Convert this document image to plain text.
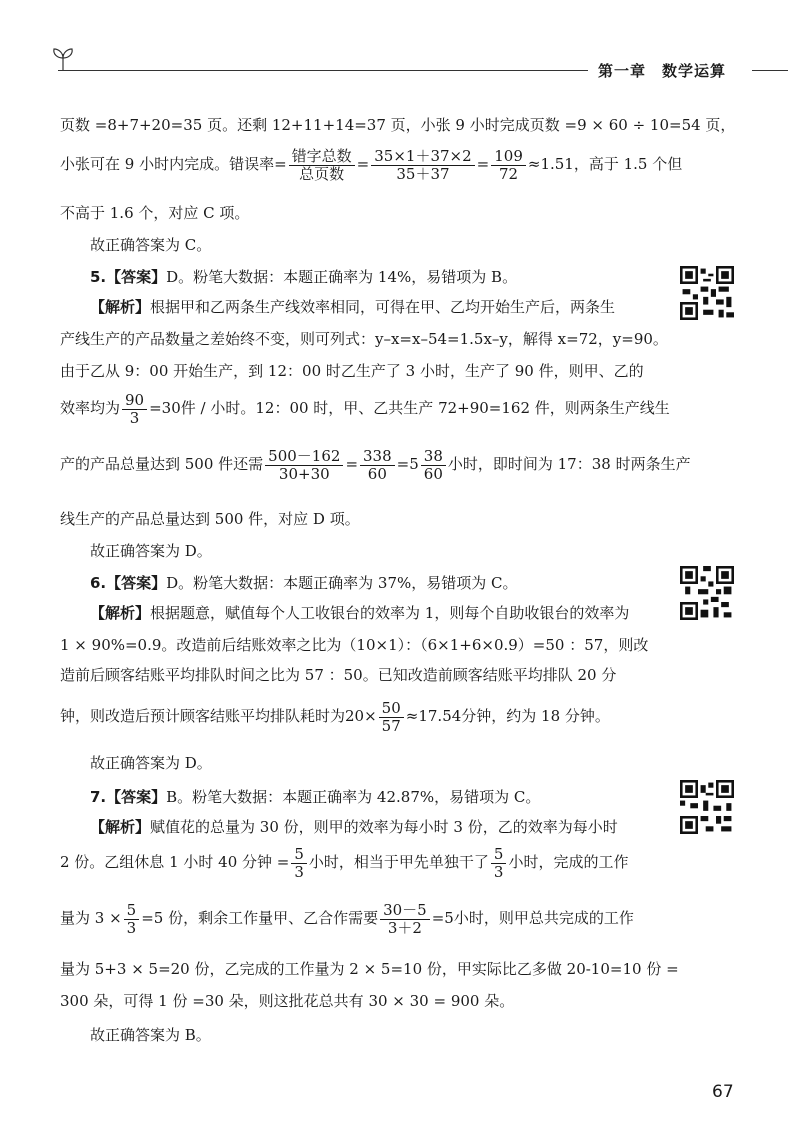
第一章　数学运算
页数 =8+7+20=35 页。还剩 12+11+14=37 页，小张 9 小时完成页数 =9 × 60 ÷ 10=54 页，
小张可在 9 小时内完成。错误率= $\frac{\text{错字总数}}{\text{总页数}} = \frac{35\times 1+37\times 2}{35+37} = \frac{109}{72} \approx 1.51$，高于 1.5 个但
不高于 1.6 个，对应 C 项。
故正确答案为 C。
5.【答案】D。粉笔大数据：本题正确率为 14%，易错项为 B。
【解析】根据甲和乙两条生产线效率相同，可得在甲、乙均开始生产后，两条生
产线生产的产品数量之差始终不变，则可列式：y–x=x–54=1.5x–y，解得 x=72，y=90。
由于乙从 9：00 开始生产，到 12：00 时乙生产了 3 小时，生产了 90 件，则甲、乙的
效率均为 $\frac{90}{3} =30$件 / 小时。12：00 时，甲、乙共生产 72+90=162 件，则两条生产线生
产的产品总量达到 500 件还需 $\frac{500-162}{30+30} = \frac{338}{60} =5 \frac{38}{60}$ 小时，即时间为 17：38 时两条生产
线生产的产品总量达到 500 件，对应 D 项。
故正确答案为 D。
6.【答案】D。粉笔大数据：本题正确率为 37%，易错项为 C。
【解析】根据题意，赋值每个人工收银台的效率为 1，则每个自助收银台的效率为
1 × 90%=0.9。改造前后结账效率之比为（10×1）：（6×1+6×0.9）=50 ：57，则改
造前后顾客结账平均排队时间之比为 57 ：50。已知改造前顾客结账平均排队 20 分
钟，则改造后预计顾客结账平均排队耗时为$20\times \frac{50}{57} \approx 17.54$分钟，约为 18 分钟。
故正确答案为 D。
7.【答案】B。粉笔大数据：本题正确率为 42.87%，易错项为 C。
【解析】赋值花的总量为 30 份，则甲的效率为每小时 3 份，乙的效率为每小时
2 份。乙组休息 1 小时 40 分钟 = $\frac{5}{3}$ 小时，相当于甲先单独干了 $\frac{5}{3}$ 小时，完成的工作
量为 $3 \times \frac{5}{3} =5$ 份，剩余工作量甲、乙合作需要 $\frac{30-5}{3+2} =5$小时，则甲总共完成的工作
量为 5+3 × 5=20 份，乙完成的工作量为 2 × 5=10 份，甲实际比乙多做 20-10=10 份 =
300 朵，可得 1 份 =30 朵，则这批花总共有 30 × 30 = 900 朵。
故正确答案为 B。
67
